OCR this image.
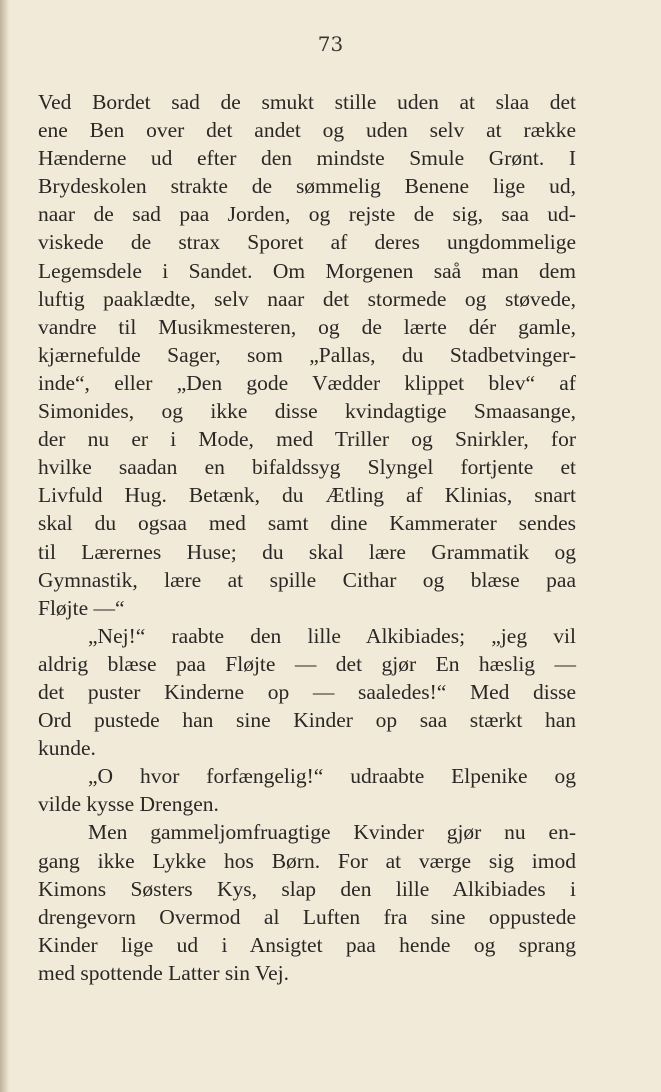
73

Ved Bordet sad de smukt stille uden at slaa det
ene Ben over det andet og uden selv at række
Hænderne ud efter den mindste Smule Grønt. I
Brydeskolen strakte de sømmelig Benene lige ud,
naar de sad paa Jorden, og rejste de sig, saa ud-
viskede de strax Sporet af deres ungdommelige
Legemsdele i Sandet. Om Morgenen saå man dem
luftig paaklædte, selv naar det stormede og støvede,
vandre til Musikmesteren, og de lærte dér gamle,
kjærnefulde Sager, som „Pallas, du Stadbetvinger-
inde“, eller „Den gode Vædder klippet blev“ af
Simonides, og ikke disse kvindagtige Smaasange,
der nu er i Mode, med Triller og Snirkler, for
hvilke saadan en bifaldssyg Slyngel fortjente et
Livfuld Hug. Betænk, du Ætling af Klinias, snart
skal du ogsaa med samt dine Kammerater sendes
til Lærernes Huse; du skal lære Grammatik og
Gymnastik, lære at spille Cithar og blæse paa
Fløjte —“
„Nej!“ raabte den lille Alkibiades; „jeg vil
aldrig blæse paa Fløjte — det gjør En hæslig —
det puster Kinderne op — saaledes!“ Med disse
Ord pustede han sine Kinder op saa stærkt han
kunde.
„O hvor forfængelig!“ udraabte Elpenike og
vilde kysse Drengen.
Men gammeljomfruagtige Kvinder gjør nu en-
gang ikke Lykke hos Børn. For at værge sig imod
Kimons Søsters Kys, slap den lille Alkibiades i
drengevorn Overmod al Luften fra sine oppustede
Kinder lige ud i Ansigtet paa hende og sprang
med spottende Latter sin Vej.
